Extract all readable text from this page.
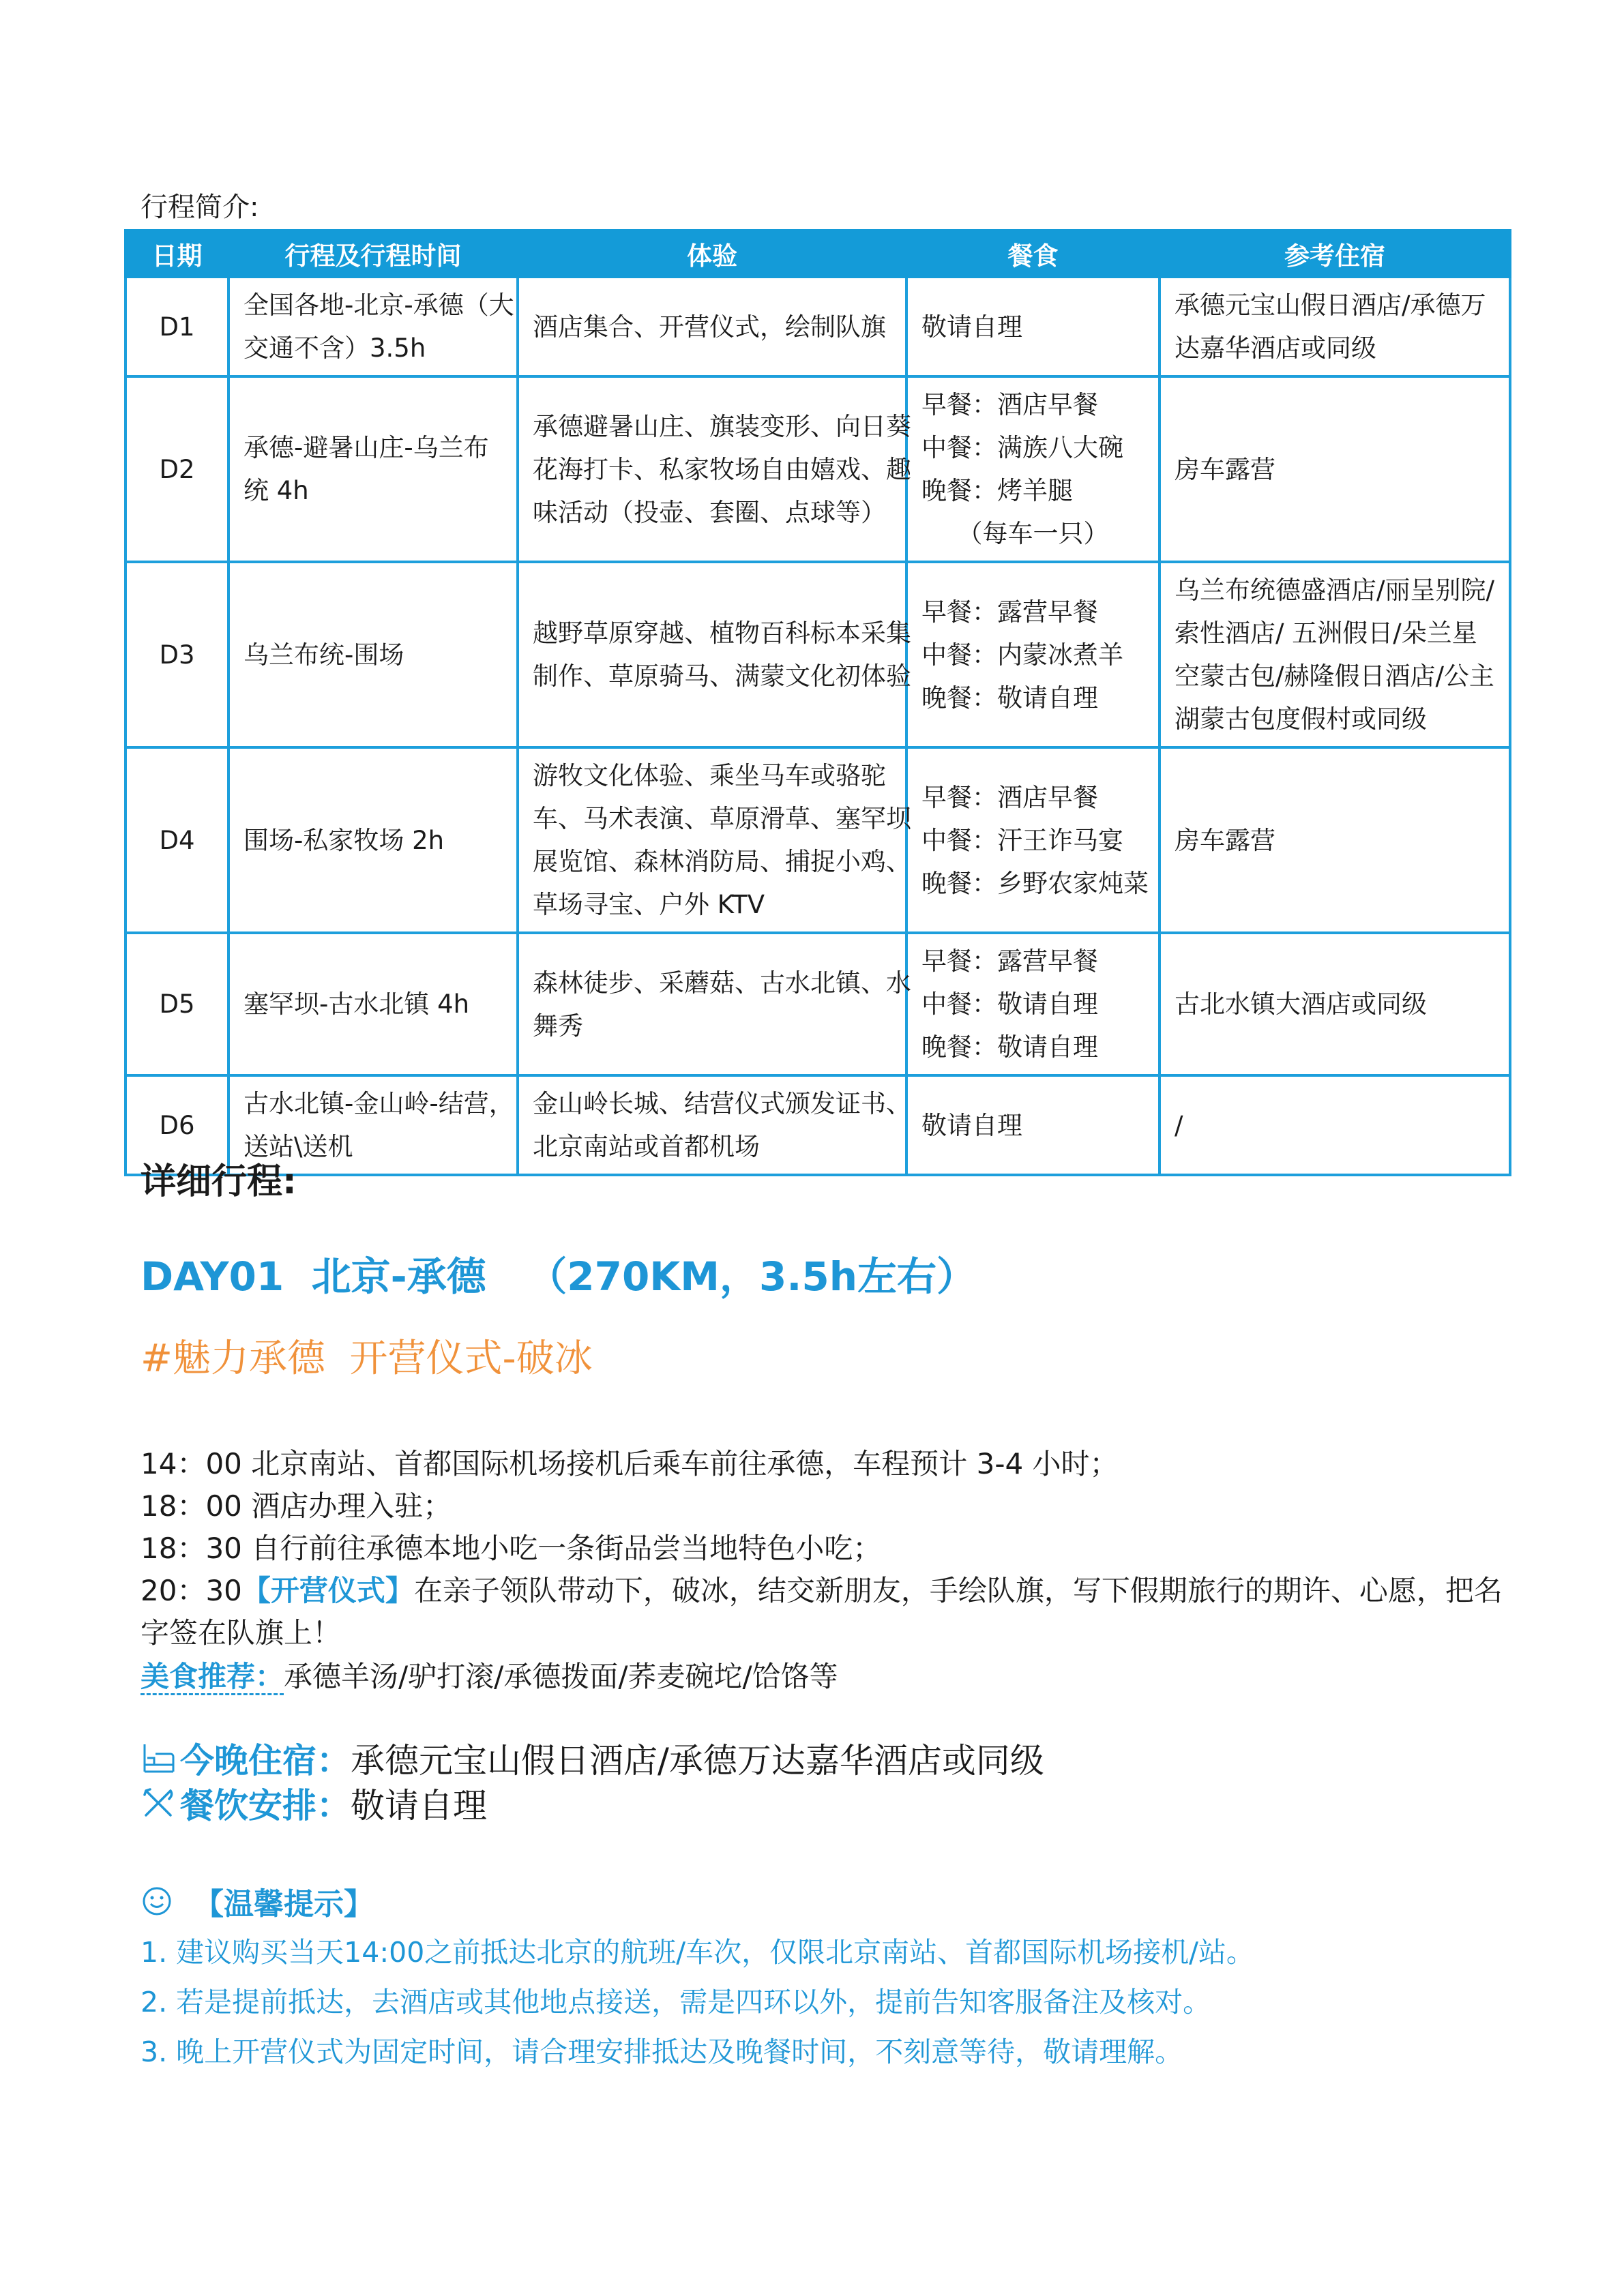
行程简介:
日期	行程及行程时间	体验	餐食	参考住宿
D1	全国各地-北京-承德（大
交通不含）3.5h	酒店集合、开营仪式，绘制队旗	敬请自理	承德元宝山假日酒店/承德万
达嘉华酒店或同级

D2	承德-避暑山庄-乌兰布
统 4h	承德避暑山庄、旗装变形、向日葵
花海打卡、私家牧场自由嬉戏、趣
味活动（投壶、套圈、点球等）	早餐：酒店早餐
中餐：满族八大碗
晚餐：烤羊腿
（每车一只）	房车露营

D3	乌兰布统-围场	越野草原穿越、植物百科标本采集
制作、草原骑马、满蒙文化初体验	早餐：露营早餐
中餐：内蒙冰煮羊
晚餐：敬请自理	乌兰布统德盛酒店/丽呈别院/
索性酒店/ 五洲假日/朵兰星
空蒙古包/赫隆假日酒店/公主
湖蒙古包度假村或同级

D4	围场-私家牧场 2h	游牧文化体验、乘坐马车或骆驼
车、马术表演、草原滑草、塞罕坝
展览馆、森林消防局、捕捉小鸡、
草场寻宝、户外 KTV	早餐：酒店早餐
中餐：汗王诈马宴
晚餐：乡野农家炖菜	房车露营

D5	塞罕坝-古水北镇 4h	森林徒步、采蘑菇、古水北镇、水
舞秀	早餐：露营早餐
中餐：敬请自理
晚餐：敬请自理	古北水镇大酒店或同级

D6	古水北镇-金山岭-结营，
送站\送机	金山岭长城、结营仪式颁发证书、
北京南站或首都机场	敬请自理	/
详细行程:
DAY01  北京-承德   （270KM，3.5h左右）
#魅力承德  开营仪式-破冰
14：00 北京南站、首都国际机场接机后乘车前往承德，车程预计 3-4 小时；
18：00 酒店办理入驻；
18：30 自行前往承德本地小吃一条街品尝当地特色小吃；
20：30【开营仪式】在亲子领队带动下，破冰，结交新朋友，手绘队旗，写下假期旅行的期许、心愿，把名
字签在队旗上！
美食推荐：承德羊汤/驴打滚/承德拨面/荞麦碗坨/饸饹等
今晚住宿： 承德元宝山假日酒店/承德万达嘉华酒店或同级
餐饮安排： 敬请自理
【温馨提示】
1. 建议购买当天14:00之前抵达北京的航班/车次，仅限北京南站、首都国际机场接机/站。
2. 若是提前抵达，去酒店或其他地点接送，需是四环以外，提前告知客服备注及核对。
3. 晚上开营仪式为固定时间，请合理安排抵达及晚餐时间，不刻意等待，敬请理解。
